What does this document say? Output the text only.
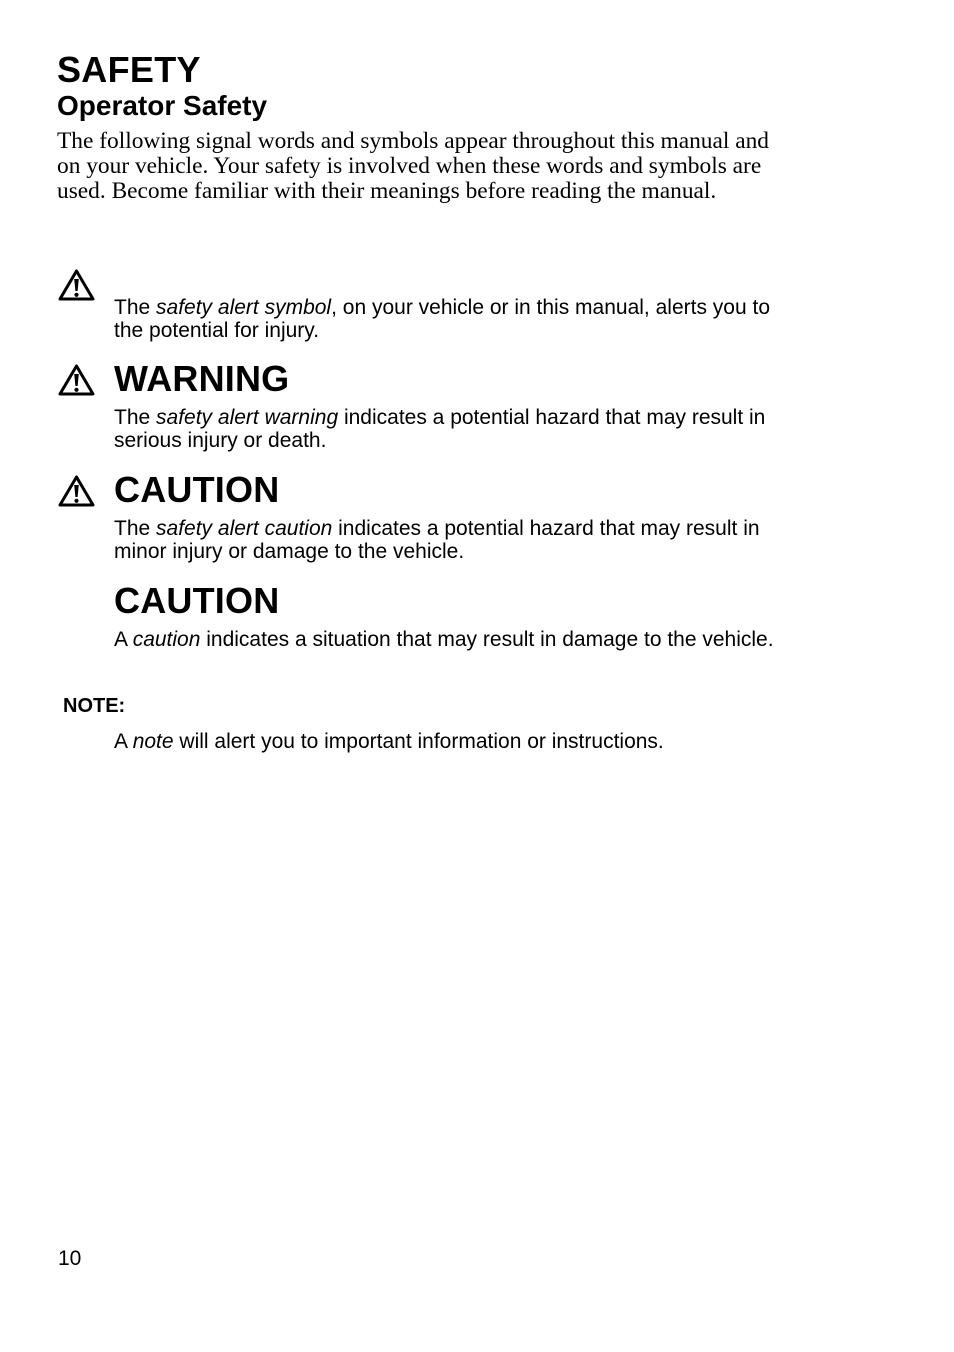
SAFETY
Operator Safety
The following signal words and symbols appear throughout this manual and on your vehicle. Your safety is involved when these words and symbols are used. Become familiar with their meanings before reading the manual.
The safety alert symbol, on your vehicle or in this manual, alerts you to the potential for injury.
WARNING
The safety alert warning indicates a potential hazard that may result in serious injury or death.
CAUTION
The safety alert caution indicates a potential hazard that may result in minor injury or damage to the vehicle.
CAUTION
A caution indicates a situation that may result in damage to the vehicle.
NOTE:
A note will alert you to important information or instructions.
10
